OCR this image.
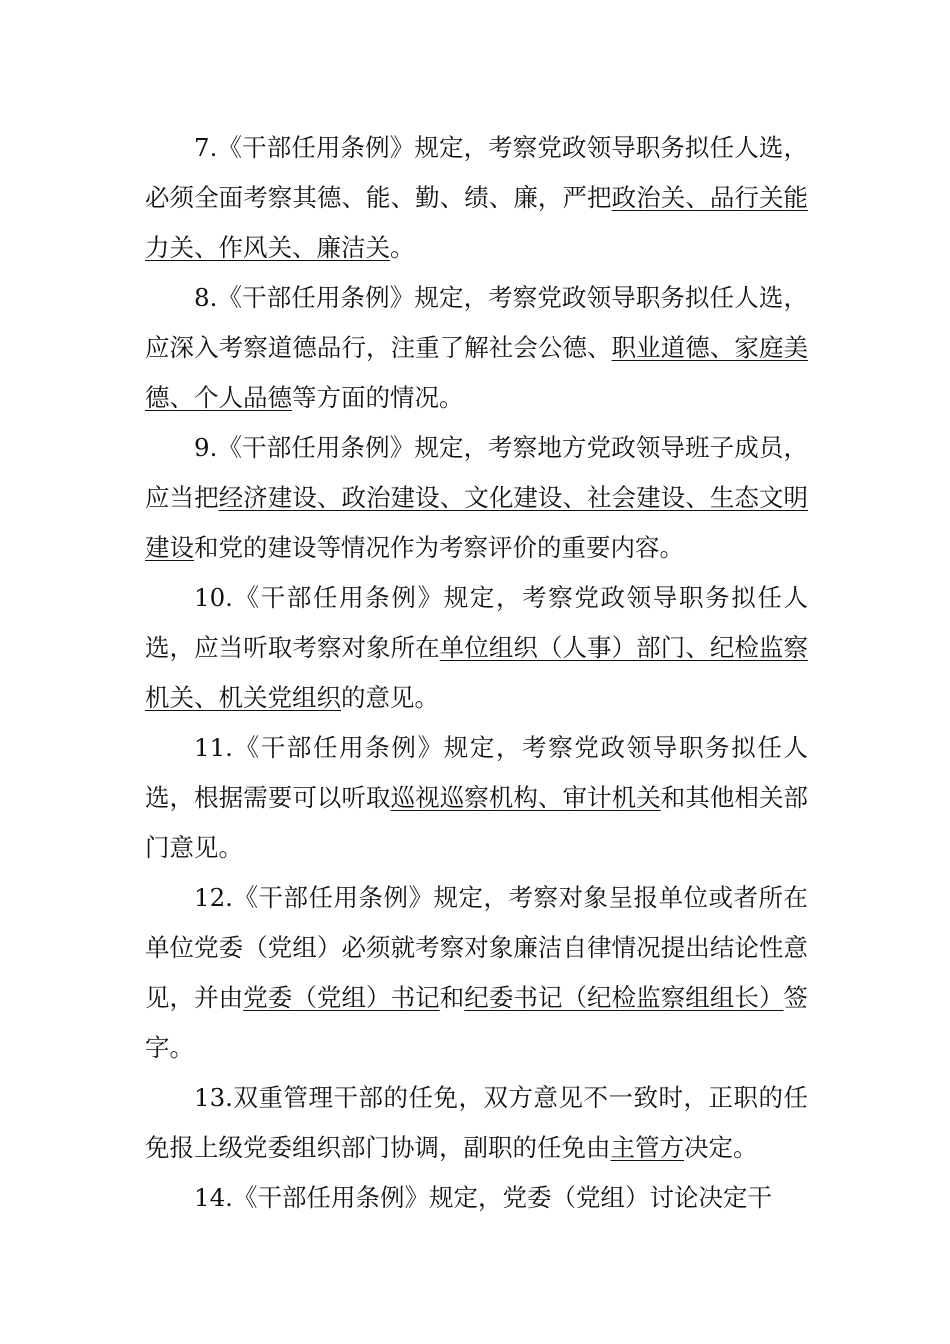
7.《干部任用条例》规定，考察党政领导职务拟任人选，必须全面考察其德、能、勤、绩、廉，严把政治关、品行关能力关、作风关、廉洁关。

8.《干部任用条例》规定，考察党政领导职务拟任人选，应深入考察道德品行，注重了解社会公德、职业道德、家庭美德、个人品德等方面的情况。

9.《干部任用条例》规定，考察地方党政领导班子成员，应当把经济建设、政治建设、文化建设、社会建设、生态文明建设和党的建设等情况作为考察评价的重要内容。

10.《干部任用条例》规定，考察党政领导职务拟任人选，应当听取考察对象所在单位组织（人事）部门、纪检监察机关、机关党组织的意见。

11.《干部任用条例》规定，考察党政领导职务拟任人选，根据需要可以听取巡视巡察机构、审计机关和其他相关部门意见。

12.《干部任用条例》规定，考察对象呈报单位或者所在单位党委（党组）必须就考察对象廉洁自律情况提出结论性意见，并由党委（党组）书记和纪委书记（纪检监察组组长）签字。

13.双重管理干部的任免，双方意见不一致时，正职的任免报上级党委组织部门协调，副职的任免由主管方决定。

14.《干部任用条例》规定，党委（党组）讨论决定干
